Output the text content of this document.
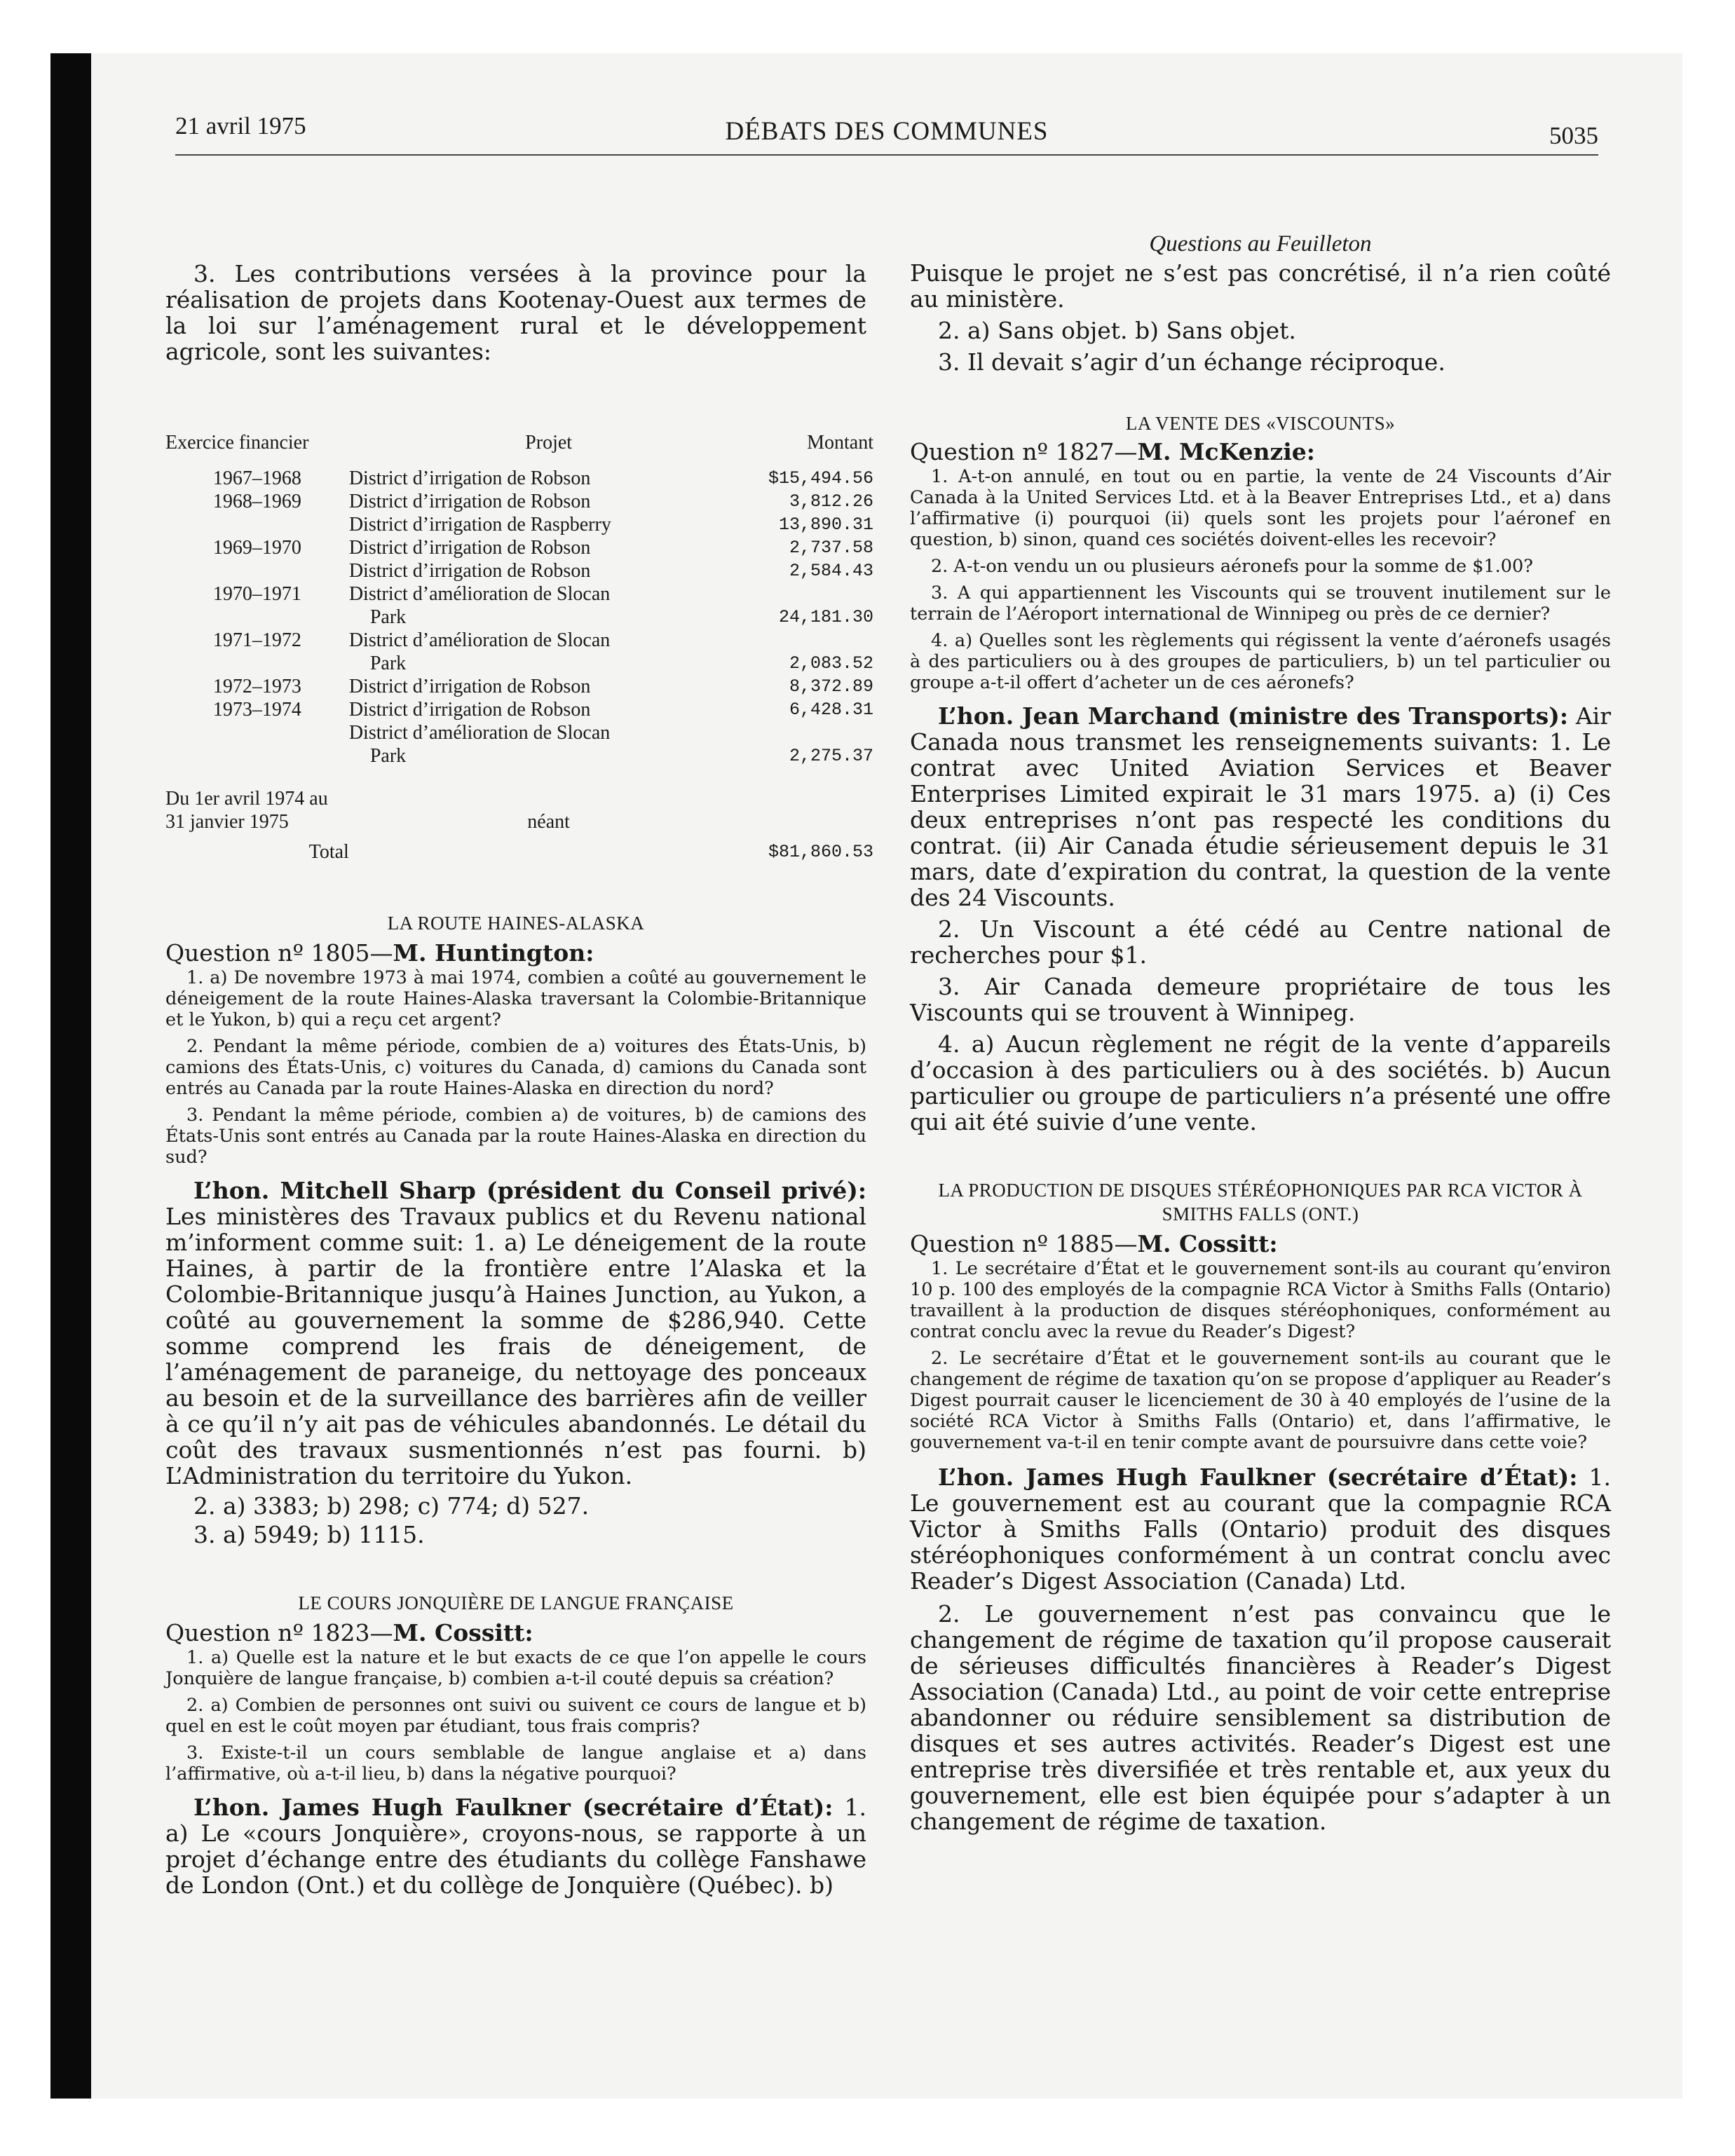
21 avril 1975	DÉBATS DES COMMUNES	5035

3. Les contributions versées à la province pour la réalisation de projets dans Kootenay-Ouest aux termes de la loi sur l’aménagement rural et le développement agricole, sont les suivantes:

Exercice financier	Projet	Montant

1967–1968	District d’irrigation de Robson	$15,494.56
1968–1969	District d’irrigation de Robson	3,812.26
	District d’irrigation de Raspberry	13,890.31
1969–1970	District d’irrigation de Robson	2,737.58
	District d’irrigation de Robson	2,584.43
1970–1971	District d’amélioration de Slocan	
	Park	24,181.30
1971–1972	District d’amélioration de Slocan	
	Park	2,083.52
1972–1973	District d’irrigation de Robson	8,372.89
1973–1974	District d’irrigation de Robson	6,428.31
	District d’amélioration de Slocan	
	Park	2,275.37

Du 1er avril 1974 au		
31 janvier 1975	néant	
Total		$81,860.53

LA ROUTE HAINES-ALASKA

Question nº 1805—M. Huntington:

1. a) De novembre 1973 à mai 1974, combien a coûté au gouvernement le déneigement de la route Haines-Alaska traversant la Colombie-Britannique et le Yukon, b) qui a reçu cet argent?

2. Pendant la même période, combien de a) voitures des États-Unis, b) camions des États-Unis, c) voitures du Canada, d) camions du Canada sont entrés au Canada par la route Haines-Alaska en direction du nord?

3. Pendant la même période, combien a) de voitures, b) de camions des États-Unis sont entrés au Canada par la route Haines-Alaska en direction du sud?

L’hon. Mitchell Sharp (président du Conseil privé): Les ministères des Travaux publics et du Revenu national m’informent comme suit: 1. a) Le déneigement de la route Haines, à partir de la frontière entre l’Alaska et la Colombie-Britannique jusqu’à Haines Junction, au Yukon, a coûté au gouvernement la somme de $286,940. Cette somme comprend les frais de déneigement, de l’aménagement de paraneige, du nettoyage des ponceaux au besoin et de la surveillance des barrières afin de veiller à ce qu’il n’y ait pas de véhicules abandonnés. Le détail du coût des travaux susmentionnés n’est pas fourni. b) L’Administration du territoire du Yukon.

2. a) 3383; b) 298; c) 774; d) 527.

3. a) 5949; b) 1115.

LE COURS JONQUIÈRE DE LANGUE FRANÇAISE

Question nº 1823—M. Cossitt:

1. a) Quelle est la nature et le but exacts de ce que l’on appelle le cours Jonquière de langue française, b) combien a-t-il couté depuis sa création?

2. a) Combien de personnes ont suivi ou suivent ce cours de langue et b) quel en est le coût moyen par étudiant, tous frais compris?

3. Existe-t-il un cours semblable de langue anglaise et a) dans l’affirmative, où a-t-il lieu, b) dans la négative pourquoi?

L’hon. James Hugh Faulkner (secrétaire d’État): 1. a) Le «cours Jonquière», croyons-nous, se rapporte à un projet d’échange entre des étudiants du collège Fanshawe de London (Ont.) et du collège de Jonquière (Québec). b)

Questions au Feuilleton

Puisque le projet ne s’est pas concrétisé, il n’a rien coûté au ministère.

2. a) Sans objet. b) Sans objet.

3. Il devait s’agir d’un échange réciproque.

LA VENTE DES «VISCOUNTS»

Question nº 1827—M. McKenzie:

1. A-t-on annulé, en tout ou en partie, la vente de 24 Viscounts d’Air Canada à la United Services Ltd. et à la Beaver Entreprises Ltd., et a) dans l’affirmative (i) pourquoi (ii) quels sont les projets pour l’aéronef en question, b) sinon, quand ces sociétés doivent-elles les recevoir?

2. A-t-on vendu un ou plusieurs aéronefs pour la somme de $1.00?

3. A qui appartiennent les Viscounts qui se trouvent inutilement sur le terrain de l’Aéroport international de Winnipeg ou près de ce dernier?

4. a) Quelles sont les règlements qui régissent la vente d’aéronefs usagés à des particuliers ou à des groupes de particuliers, b) un tel particulier ou groupe a-t-il offert d’acheter un de ces aéronefs?

L’hon. Jean Marchand (ministre des Transports): Air Canada nous transmet les renseignements suivants: 1. Le contrat avec United Aviation Services et Beaver Enterprises Limited expirait le 31 mars 1975. a) (i) Ces deux entreprises n’ont pas respecté les conditions du contrat. (ii) Air Canada étudie sérieusement depuis le 31 mars, date d’expiration du contrat, la question de la vente des 24 Viscounts.

2. Un Viscount a été cédé au Centre national de recherches pour $1.

3. Air Canada demeure propriétaire de tous les Viscounts qui se trouvent à Winnipeg.

4. a) Aucun règlement ne régit de la vente d’appareils d’occasion à des particuliers ou à des sociétés. b) Aucun particulier ou groupe de particuliers n’a présenté une offre qui ait été suivie d’une vente.

LA PRODUCTION DE DISQUES STÉRÉOPHONIQUES PAR RCA VICTOR À SMITHS FALLS (ONT.)

Question nº 1885—M. Cossitt:

1. Le secrétaire d’État et le gouvernement sont-ils au courant qu’environ 10 p. 100 des employés de la compagnie RCA Victor à Smiths Falls (Ontario) travaillent à la production de disques stéréophoniques, conformément au contrat conclu avec la revue du Reader’s Digest?

2. Le secrétaire d’État et le gouvernement sont-ils au courant que le changement de régime de taxation qu’on se propose d’appliquer au Reader’s Digest pourrait causer le licenciement de 30 à 40 employés de l’usine de la société RCA Victor à Smiths Falls (Ontario) et, dans l’affirmative, le gouvernement va-t-il en tenir compte avant de poursuivre dans cette voie?

L’hon. James Hugh Faulkner (secrétaire d’État): 1. Le gouvernement est au courant que la compagnie RCA Victor à Smiths Falls (Ontario) produit des disques stéréophoniques conformément à un contrat conclu avec Reader’s Digest Association (Canada) Ltd.

2. Le gouvernement n’est pas convaincu que le changement de régime de taxation qu’il propose causerait de sérieuses difficultés financières à Reader’s Digest Association (Canada) Ltd., au point de voir cette entreprise abandonner ou réduire sensiblement sa distribution de disques et ses autres activités. Reader’s Digest est une entreprise très diversifiée et très rentable et, aux yeux du gouvernement, elle est bien équipée pour s’adapter à un changement de régime de taxation.
